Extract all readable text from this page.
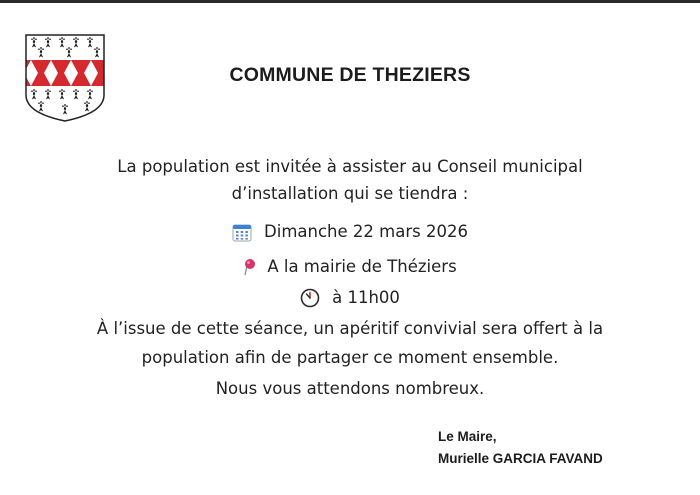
COMMUNE DE THEZIERS
La population est invitée à assister au Conseil municipal
d’installation qui se tiendra :
Dimanche 22 mars 2026
A la mairie de Théziers
à 11h00
À l’issue de cette séance, un apéritif convivial sera offert à la
population afin de partager ce moment ensemble.
Nous vous attendons nombreux.
Le Maire,
Murielle GARCIA FAVAND
